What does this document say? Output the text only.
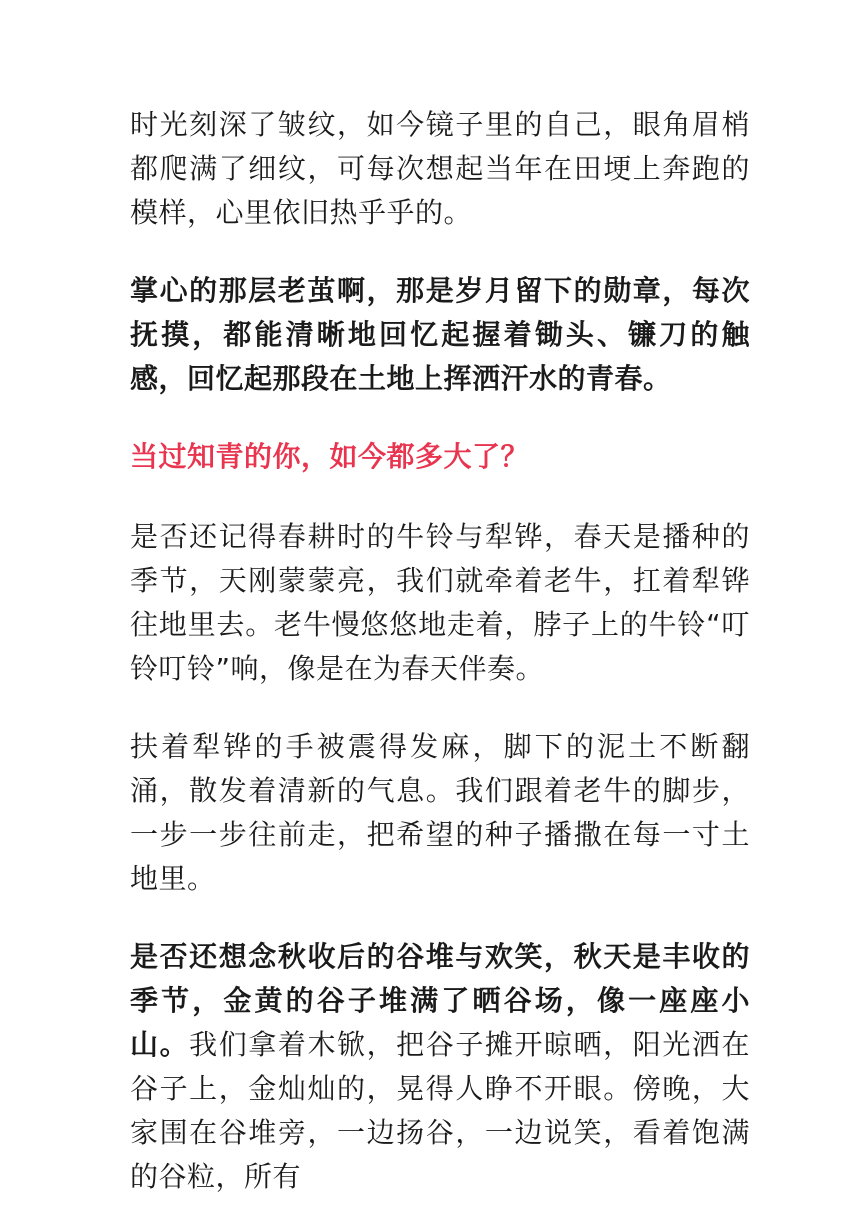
时光刻深了皱纹，如今镜子里的自己，眼角眉梢都爬满了细纹，可每次想起当年在田埂上奔跑的模样，心里依旧热乎乎的。

掌心的那层老茧啊，那是岁月留下的勋章，每次抚摸，都能清晰地回忆起握着锄头、镰刀的触感，回忆起那段在土地上挥洒汗水的青春。

当过知青的你，如今都多大了？

是否还记得春耕时的牛铃与犁铧，春天是播种的季节，天刚蒙蒙亮，我们就牵着老牛，扛着犁铧往地里去。老牛慢悠悠地走着，脖子上的牛铃“叮铃叮铃”响，像是在为春天伴奏。

扶着犁铧的手被震得发麻，脚下的泥土不断翻涌，散发着清新的气息。我们跟着老牛的脚步，一步一步往前走，把希望的种子播撒在每一寸土地里。

是否还想念秋收后的谷堆与欢笑，秋天是丰收的季节，金黄的谷子堆满了晒谷场，像一座座小山。我们拿着木锨，把谷子摊开晾晒，阳光洒在谷子上，金灿灿的，晃得人睁不开眼。傍晚，大家围在谷堆旁，一边扬谷，一边说笑，看着饱满的谷粒，所有
